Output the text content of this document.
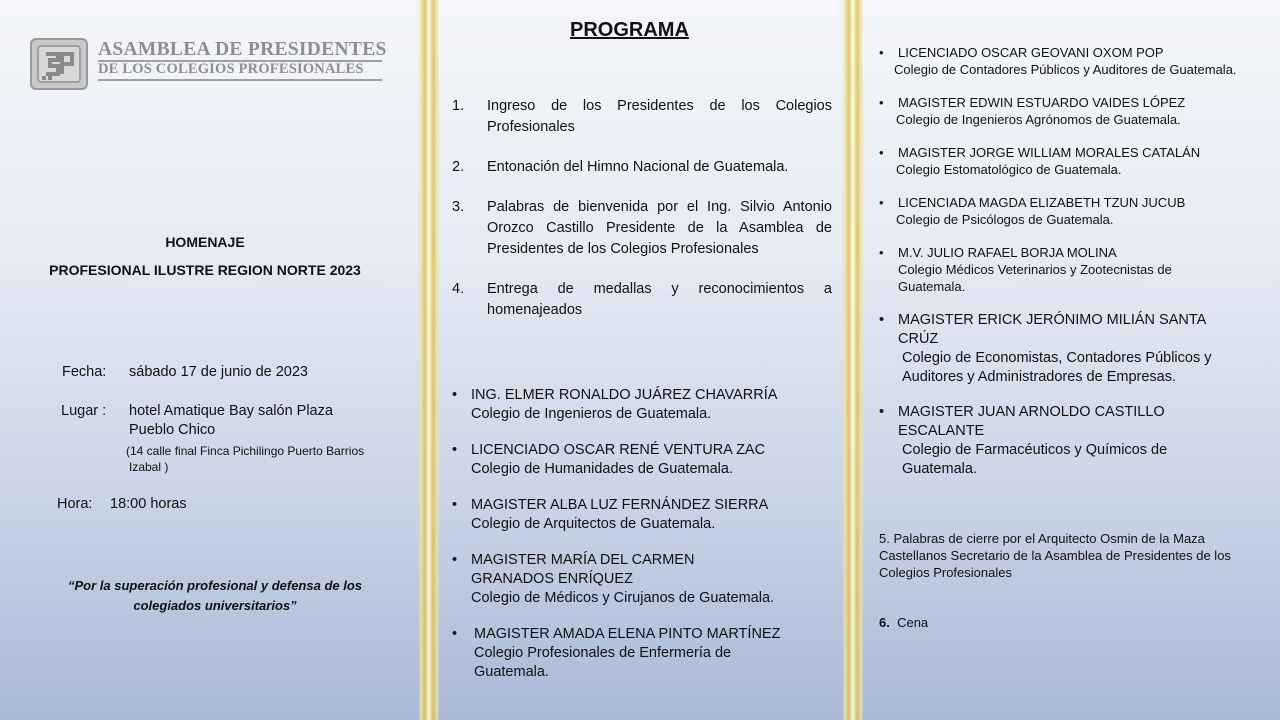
ASAMBLEA DE PRESIDENTES
DE LOS COLEGIOS PROFESIONALES
HOMENAJE
PROFESIONAL ILUSTRE REGION NORTE 2023
Fecha: sábado 17 de junio de 2023
Lugar : hotel Amatique Bay salón Plaza
Pueblo Chico
(14 calle final Finca Pichilingo Puerto Barrios
Izabal )
Hora: 18:00 horas
“Por la superación profesional y defensa de los
colegiados universitarios”
PROGRAMA
1. Ingreso de los Presidentes de los Colegios Profesionales
2. Entonación del Himno Nacional de Guatemala.
3. Palabras de bienvenida por el Ing. Silvio Antonio Orozco Castillo Presidente de la Asamblea de Presidentes de los Colegios Profesionales
4. Entrega de medallas y reconocimientos a homenajeados
• ING. ELMER RONALDO JUÁREZ CHAVARRÍA
Colegio de Ingenieros de Guatemala.
• LICENCIADO OSCAR RENÉ VENTURA ZAC
Colegio de Humanidades de Guatemala.
• MAGISTER ALBA LUZ FERNÁNDEZ SIERRA
Colegio de Arquitectos de Guatemala.
• MAGISTER MARÍA DEL CARMEN GRANADOS ENRÍQUEZ
Colegio de Médicos y Cirujanos de Guatemala.
• MAGISTER AMADA ELENA PINTO MARTÍNEZ
Colegio Profesionales de Enfermería de Guatemala.
• LICENCIADO OSCAR GEOVANI OXOM POP
Colegio de Contadores Públicos y Auditores de Guatemala.
• MAGISTER EDWIN ESTUARDO VAIDES LÓPEZ
Colegio de Ingenieros Agrónomos de Guatemala.
• MAGISTER JORGE WILLIAM MORALES CATALÁN
Colegio Estomatológico de Guatemala.
• LICENCIADA MAGDA ELIZABETH TZUN JUCUB
Colegio de Psicólogos de Guatemala.
• M.V. JULIO RAFAEL BORJA MOLINA
Colegio Médicos Veterinarios y Zootecnistas de Guatemala.
• MAGISTER ERICK JERÓNIMO MILIÁN SANTA CRÚZ
Colegio de Economistas, Contadores Públicos y Auditores y Administradores de Empresas.
• MAGISTER JUAN ARNOLDO CASTILLO ESCALANTE
Colegio de Farmacéuticos y Químicos de Guatemala.
5. Palabras de cierre por el Arquitecto Osmin de la Maza Castellanos Secretario de la Asamblea de Presidentes de los Colegios Profesionales
6. Cena
